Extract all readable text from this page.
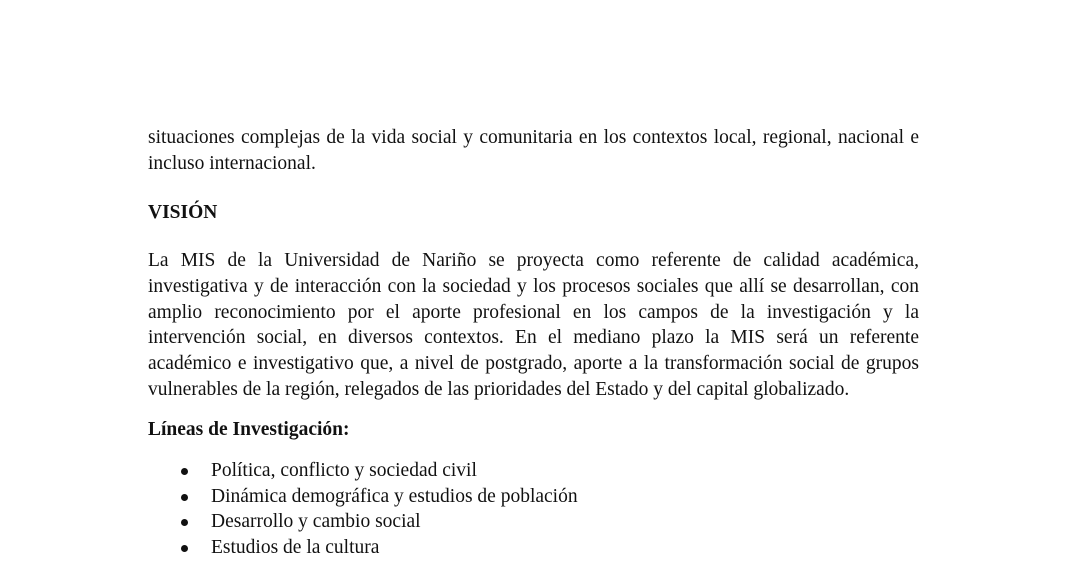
situaciones complejas de la vida social y comunitaria en los contextos local, regional, nacional e incluso internacional.

VISIÓN

La MIS de la Universidad de Nariño se proyecta como referente de calidad académica, investigativa y de interacción con la sociedad y los procesos sociales que allí se desarrollan, con amplio reconocimiento por el aporte profesional en los campos de la investigación y la intervención social, en diversos contextos. En el mediano plazo la MIS será un referente académico e investigativo que, a nivel de postgrado, aporte a la transformación social de grupos vulnerables de la región, relegados de las prioridades del Estado y del capital globalizado.

Líneas de Investigación:

Política, conflicto y sociedad civil
Dinámica demográfica y estudios de población
Desarrollo y cambio social
Estudios de la cultura
